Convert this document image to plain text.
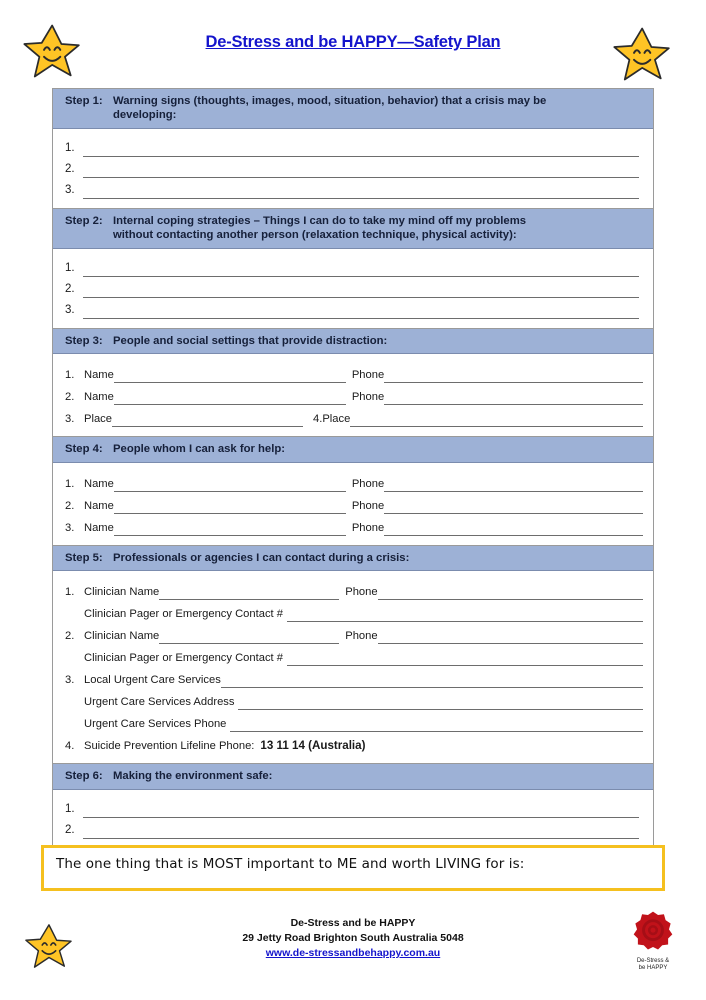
De-Stress and be HAPPY—Safety Plan
Step 1: Warning signs (thoughts, images, mood, situation, behavior) that a crisis may be
developing:
1.
2.
3.
Step 2: Internal coping strategies – Things I can do to take my mind off my problems
without contacting another person (relaxation technique, physical activity):
1.
2.
3.
Step 3: People and social settings that provide distraction:
1. Name	Phone
2. Name	Phone
3. Place	4. Place
Step 4: People whom I can ask for help:
1. Name	Phone
2. Name	Phone
3. Name	Phone
Step 5: Professionals or agencies I can contact during a crisis:
1. Clinician Name	Phone
Clinician Pager or Emergency Contact #
2. Clinician Name	Phone
Clinician Pager or Emergency Contact #
3. Local Urgent Care Services
Urgent Care Services Address
Urgent Care Services Phone
4. Suicide Prevention Lifeline Phone: 13 11 14 (Australia)
Step 6: Making the environment safe:
1.
2.
The one thing that is MOST important to ME and worth LIVING for is:
De-Stress and be HAPPY
29 Jetty Road Brighton South Australia 5048
www.de-stressandbehappy.com.au
De-Stress &
be HAPPY
